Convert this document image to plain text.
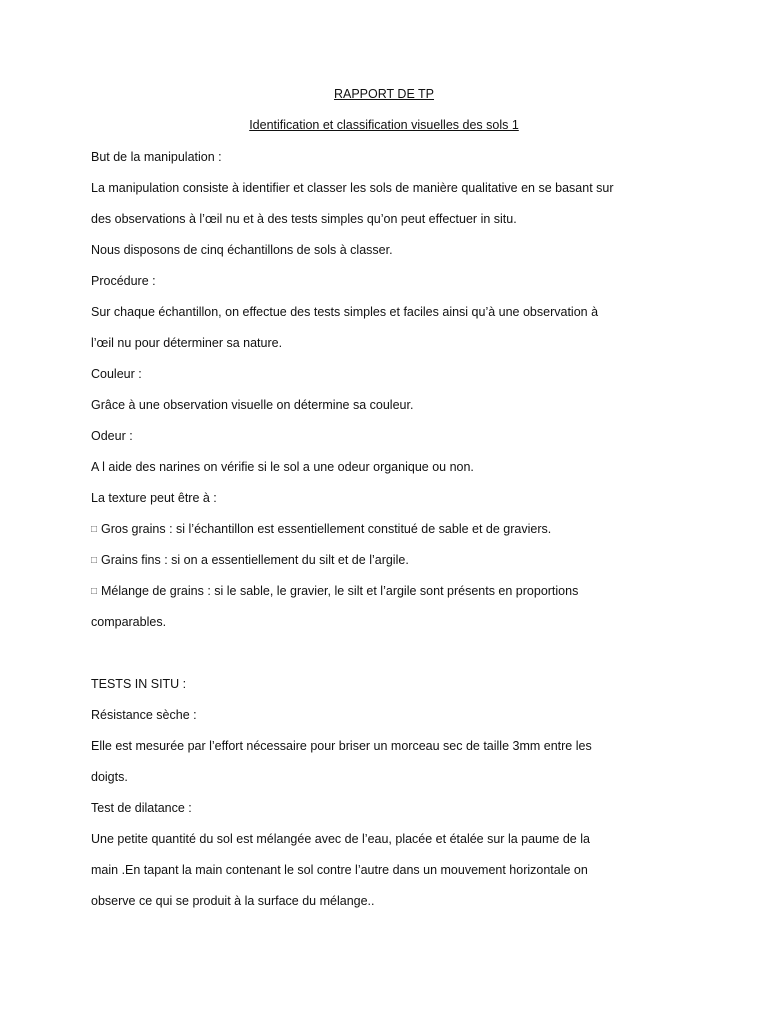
RAPPORT DE TP
Identification et classification visuelles des sols 1
But de la manipulation :
La manipulation consiste à identifier et classer les sols de manière qualitative en se basant sur
des observations à l’œil nu et à des tests simples qu’on peut effectuer in situ.
Nous disposons de cinq échantillons de sols à classer.
Procédure :
Sur chaque échantillon, on effectue des tests simples et faciles ainsi qu’à une observation à
l’œil nu pour déterminer sa nature.
Couleur :
Grâce à une observation visuelle on détermine sa couleur.
Odeur :
A l aide des narines on vérifie si le sol a une odeur organique ou non.
La texture peut être à :
□ Gros grains : si l’échantillon est essentiellement constitué de sable et de graviers.
□ Grains fins : si on a essentiellement du silt et de l’argile.
□ Mélange de grains : si le sable, le gravier, le silt et l’argile sont présents en proportions
comparables.
TESTS IN SITU :
Résistance sèche :
Elle est mesurée par l’effort nécessaire pour briser un morceau sec de taille 3mm entre les
doigts.
Test de dilatance :
Une petite quantité du sol est mélangée avec de l’eau, placée et étalée sur la paume de la
main .En tapant la main contenant le sol contre l’autre dans un mouvement horizontale on
observe ce qui se produit à la surface du mélange..
